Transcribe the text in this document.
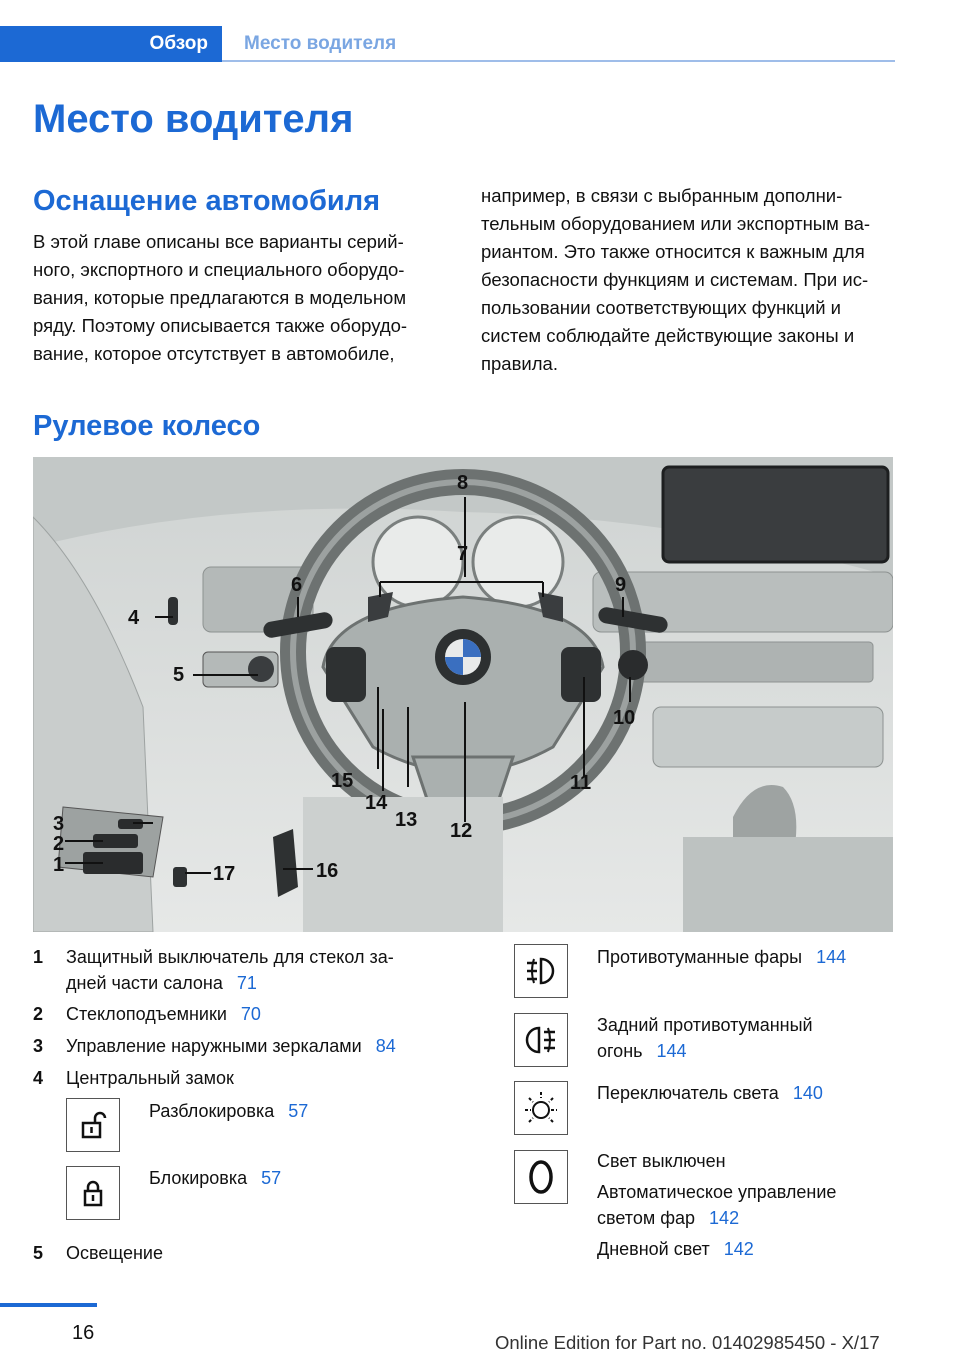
Обзор	Место водителя
Место водителя
Оснащение автомобиля
В этой главе описаны все варианты серий-
ного, экспортного и специального оборудо-
вания, которые предлагаются в модельном
ряду. Поэтому описывается также оборудо-
вание, которое отсутствует в автомобиле,
например, в связи с выбранным дополни-
тельным оборудованием или экспортным ва-
риантом. Это также относится к важным для
безопасности функциям и системам. При ис-
пользовании соответствующих функций и
систем соблюдайте действующие законы и
правила.
Рулевое колесо
8
7
6	9
4
5
10
11
12
13
14
15
3
2
1	17	16
1 Защитный выключатель для стекол за-
дней части салона 71
2 Стеклоподъемники 70
3 Управление наружными зеркалами 84
4 Центральный замок
Разблокировка 57
Блокировка 57
5 Освещение
Противотуманные фары 144
Задний противотуманный
огонь 144
Переключатель света 140
Свет выключен
Автоматическое управление
светом фар 142
Дневной свет 142
16	Online Edition for Part no. 01402985450 - X/17
